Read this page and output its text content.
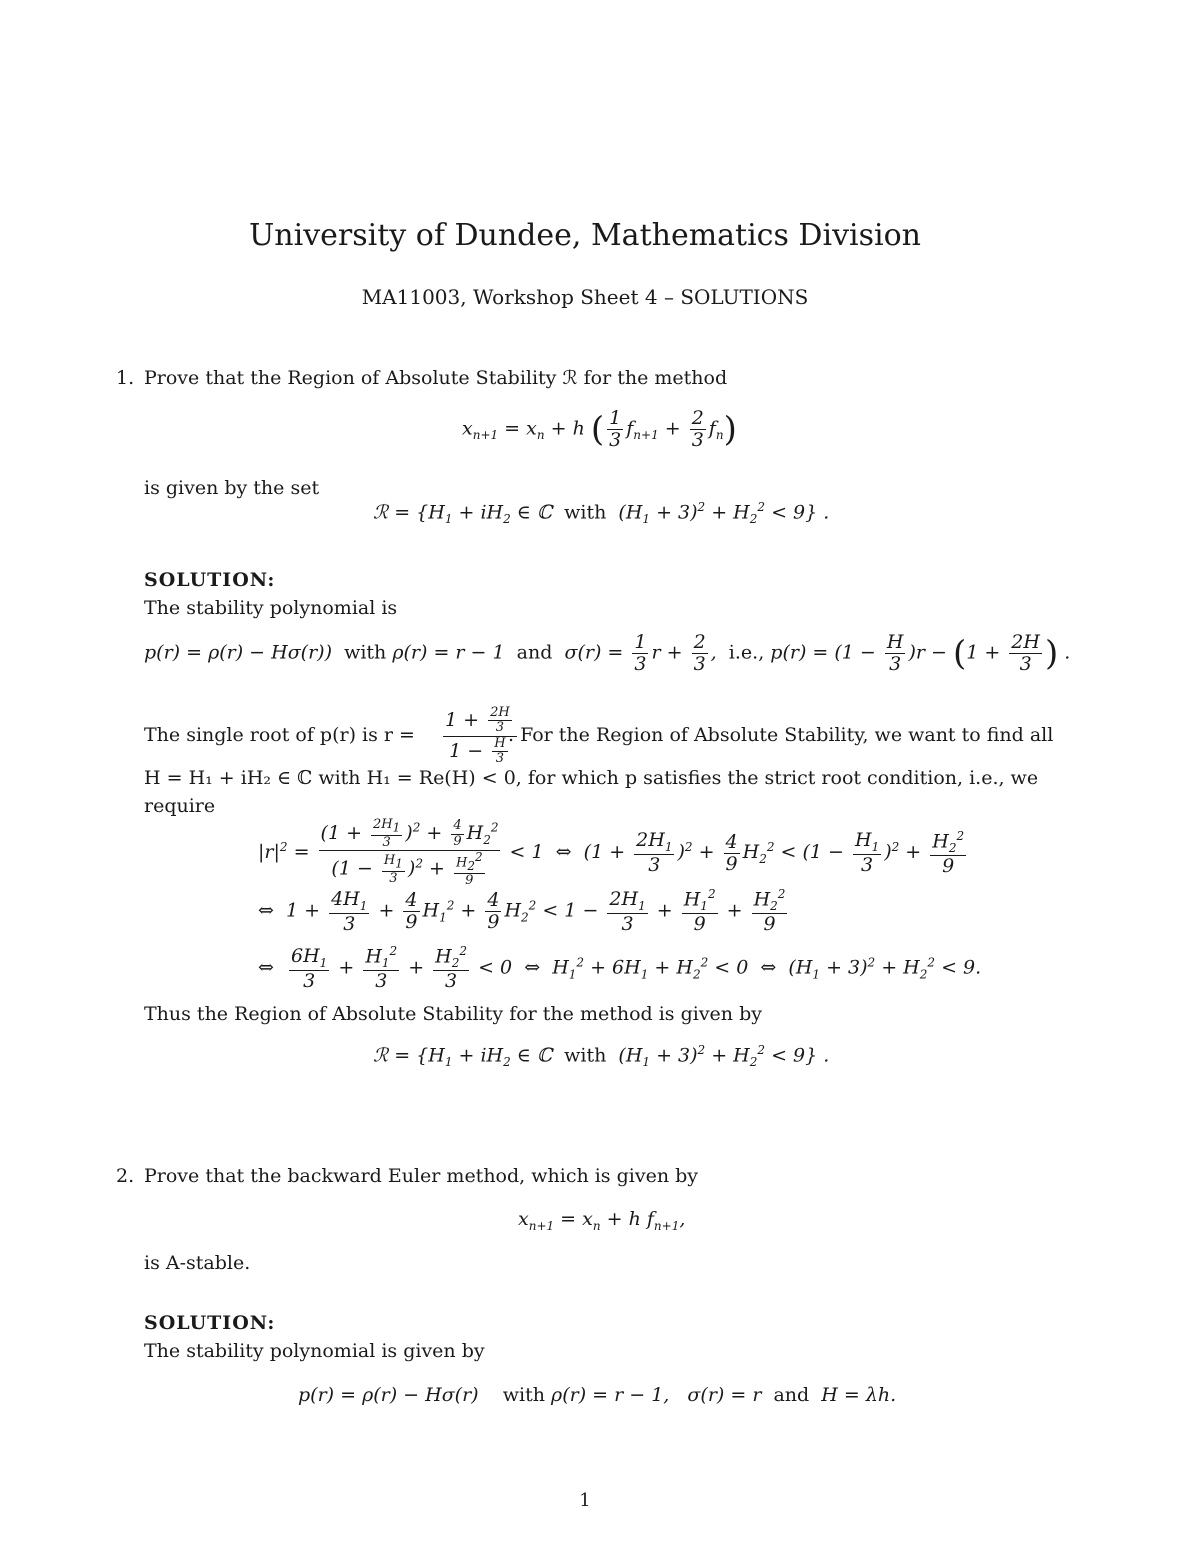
University of Dundee, Mathematics Division
MA11003, Workshop Sheet 4 – SOLUTIONS
1. Prove that the Region of Absolute Stability ℛ for the method
$x_{n+1} = x_n + h$ ( $\frac{1}{3} f_{n+1} + \frac{2}{3} f_n$)
is given by the set
ℛ = {$H_1 + iH_2$ ∈ ℂ  with  $(H_1 + 3)^2 + H_2^2 < 9$} .
SOLUTION:
The stability polynomial is
p(r) = ρ(r) − Hσ(r))  with ρ(r) = r − 1  and  $\sigma(r) = \frac{1}{3}$ $r + \frac{2}{3}$ ,  i.e., $p(r) = (1 - \frac{H}{3} )r - (1 + \frac{2H}{3}$ ) .
The single root of p(r) is $r = \frac{1 + \frac{2H}{3}}{1 - \frac{H}{3}}$
. For the Region of Absolute Stability, we want to find all
H = H₁ + iH₂ ∈ ℂ with H₁ = Re(H) < 0, for which p satisfies the strict root condition, i.e., we
require
$|r|^2 = \frac{(1 + \frac{2H_1}{3} )^2 + \frac{4}{9} H_2^2}{(1 - \frac{H_1}{3} )^2 + \frac{H_2^2}{9}} < 1$  ⇔  $(1 + \frac{2H_1}{3} )^2 + \frac{4}{9} H_2^2 < (1 - \frac{H_1}{3} )^2 + \frac{H_2^2}{9}$
⇔  $1 + \frac{4H_1}{3} + \frac{4}{9} H_1^2 + \frac{4}{9} H_2^2 < 1 - \frac{2H_1}{3} + \frac{H_1^2}{9} + \frac{H_2^2}{9}$
⇔ $\frac{6H_1}{3} + \frac{H_1^2}{3} + \frac{H_2^2}{3} < 0$  ⇔  $H_1^2 + 6H_1 + H_2^2 < 0$  ⇔  $(H_1 + 3)^2 + H_2^2 < 9$.
Thus the Region of Absolute Stability for the method is given by
ℛ = {$H_1 + iH_2$ ∈ ℂ  with  $(H_1 + 3)^2 + H_2^2 < 9$} .
2. Prove that the backward Euler method, which is given by
$x_{n+1} = x_n + h$ $f_{n+1}$,
is A-stable.
SOLUTION:
The stability polynomial is given by
p(r) = ρ(r) − Hσ(r)    with ρ(r) = r − 1,   σ(r) = r  and  H = λh.
1
